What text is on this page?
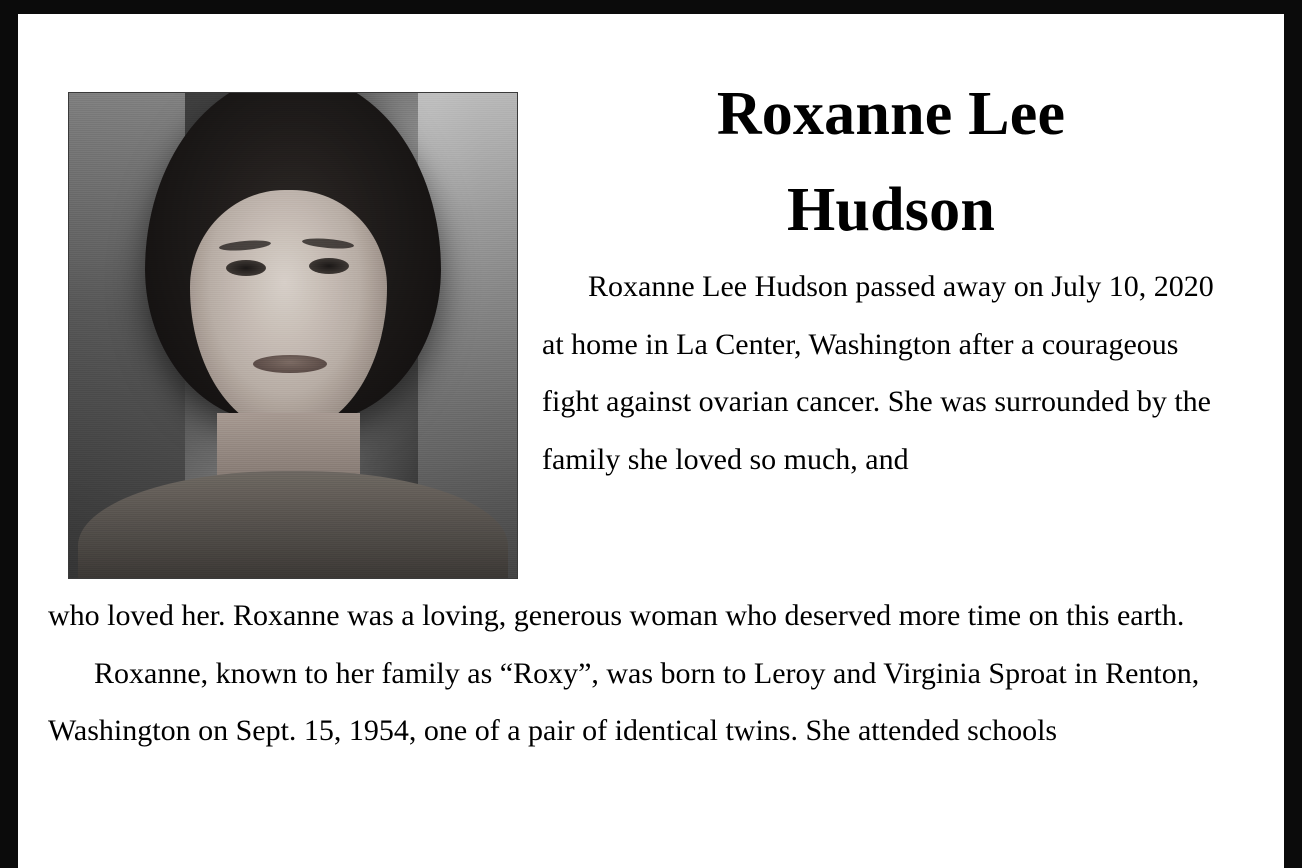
Roxanne Lee
Hudson

Roxanne Lee Hudson passed away on July 10, 2020 at home in La Center, Washington after a courageous fight against ovarian cancer. She was surrounded by the family she loved so much, and

who loved her. Roxanne was a loving, generous woman who deserved more time on this earth.

Roxanne, known to her family as “Roxy”, was born to Leroy and Virginia Sproat in Renton, Washington on Sept. 15, 1954, one of a pair of identical twins. She attended schools
